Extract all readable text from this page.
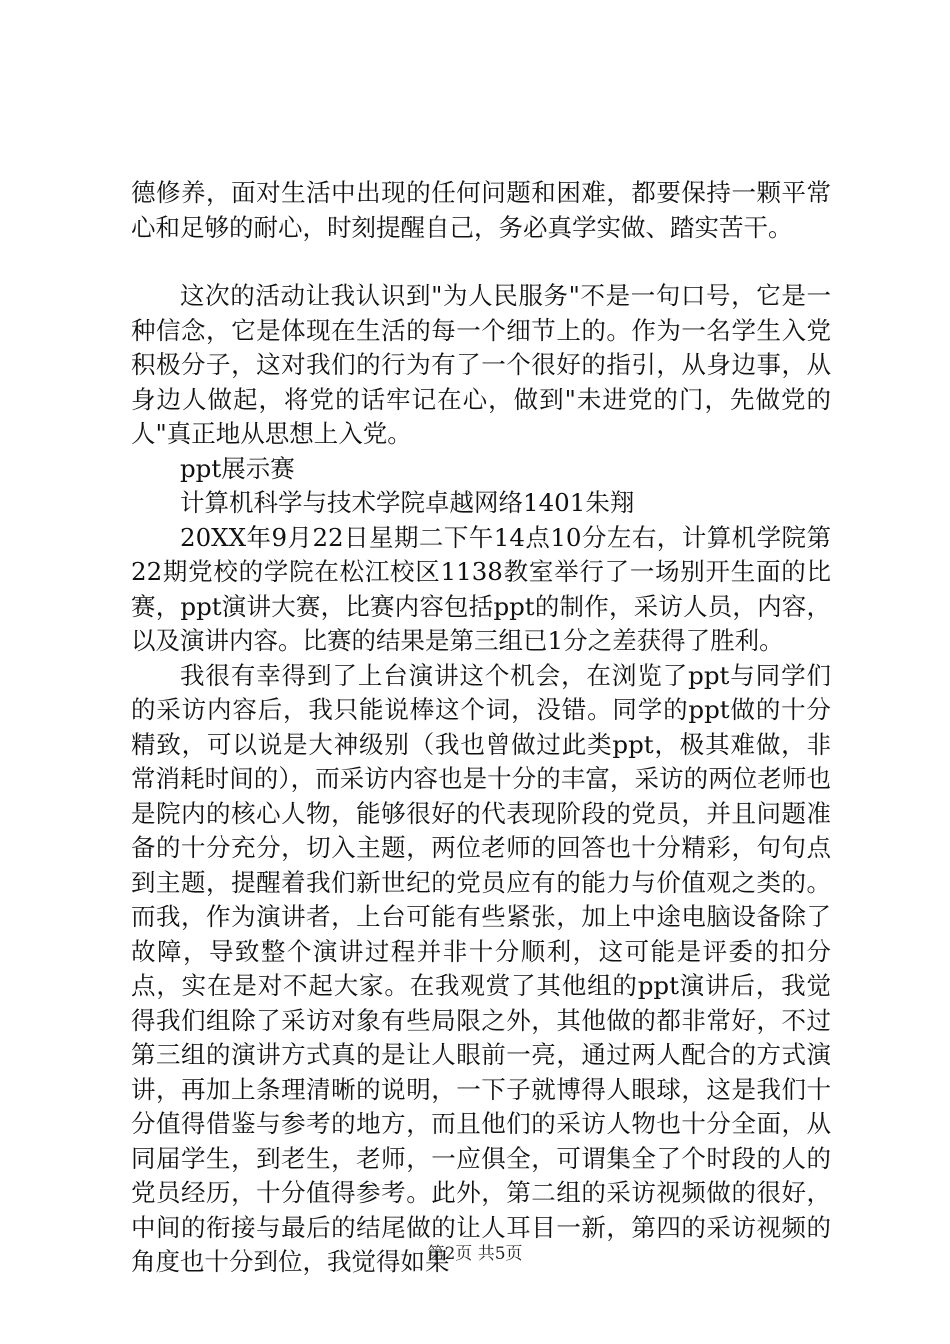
德修养，面对生活中出现的任何问题和困难，都要保持一颗平常心和足够的耐心，时刻提醒自己，务必真学实做、踏实苦干。

这次的活动让我认识到"为人民服务"不是一句口号，它是一种信念，它是体现在生活的每一个细节上的。作为一名学生入党积极分子，这对我们的行为有了一个很好的指引，从身边事，从身边人做起，将党的话牢记在心，做到"未进党的门，先做党的人"真正地从思想上入党。

ppt展示赛

计算机科学与技术学院卓越网络1401朱翔

20XX年9月22日星期二下午14点10分左右，计算机学院第22期党校的学院在松江校区1138教室举行了一场别开生面的比赛，ppt演讲大赛，比赛内容包括ppt的制作，采访人员，内容，以及演讲内容。比赛的结果是第三组已1分之差获得了胜利。

我很有幸得到了上台演讲这个机会，在浏览了ppt与同学们的采访内容后，我只能说棒这个词，没错。同学的ppt做的十分精致，可以说是大神级别（我也曾做过此类ppt，极其难做，非常消耗时间的），而采访内容也是十分的丰富，采访的两位老师也是院内的核心人物，能够很好的代表现阶段的党员，并且问题准备的十分充分，切入主题，两位老师的回答也十分精彩，句句点到主题，提醒着我们新世纪的党员应有的能力与价值观之类的。而我，作为演讲者，上台可能有些紧张，加上中途电脑设备除了故障，导致整个演讲过程并非十分顺利，这可能是评委的扣分点，实在是对不起大家。在我观赏了其他组的ppt演讲后，我觉得我们组除了采访对象有些局限之外，其他做的都非常好，不过第三组的演讲方式真的是让人眼前一亮，通过两人配合的方式演讲，再加上条理清晰的说明，一下子就博得人眼球，这是我们十分值得借鉴与参考的地方，而且他们的采访人物也十分全面，从同届学生，到老生，老师，一应俱全，可谓集全了个时段的人的党员经历，十分值得参考。此外，第二组的采访视频做的很好，中间的衔接与最后的结尾做的让人耳目一新，第四的采访视频的角度也十分到位，我觉得如果

第2页 共5页
